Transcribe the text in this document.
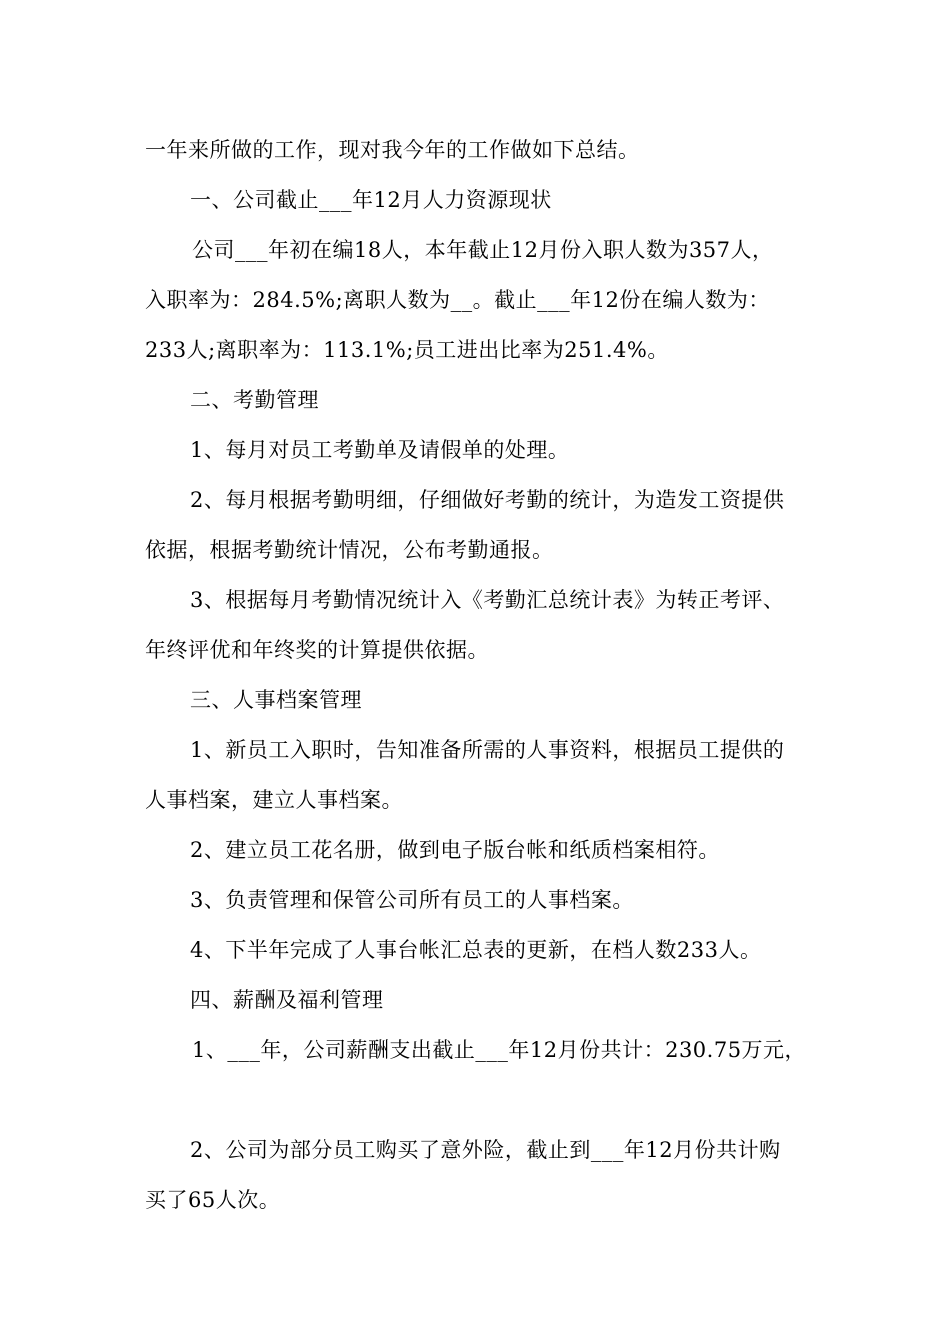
一年来所做的工作，现对我今年的工作做如下总结。
一、公司截止___年12月人力资源现状
公司___年初在编18人，本年截止12月份入职人数为357人，
入职率为：284.5%;离职人数为__。截止___年12份在编人数为：
233人;离职率为：113.1%;员工进出比率为251.4%。
二、考勤管理
1、每月对员工考勤单及请假单的处理。
2、每月根据考勤明细，仔细做好考勤的统计，为造发工资提供
依据，根据考勤统计情况，公布考勤通报。
3、根据每月考勤情况统计入《考勤汇总统计表》为转正考评、
年终评优和年终奖的计算提供依据。
三、人事档案管理
1、新员工入职时，告知准备所需的人事资料，根据员工提供的
人事档案，建立人事档案。
2、建立员工花名册，做到电子版台帐和纸质档案相符。
3、负责管理和保管公司所有员工的人事档案。
4、下半年完成了人事台帐汇总表的更新，在档人数233人。
四、薪酬及福利管理
1、___年，公司薪酬支出截止___年12月份共计：230.75万元，
2、公司为部分员工购买了意外险，截止到___年12月份共计购
买了65人次。
